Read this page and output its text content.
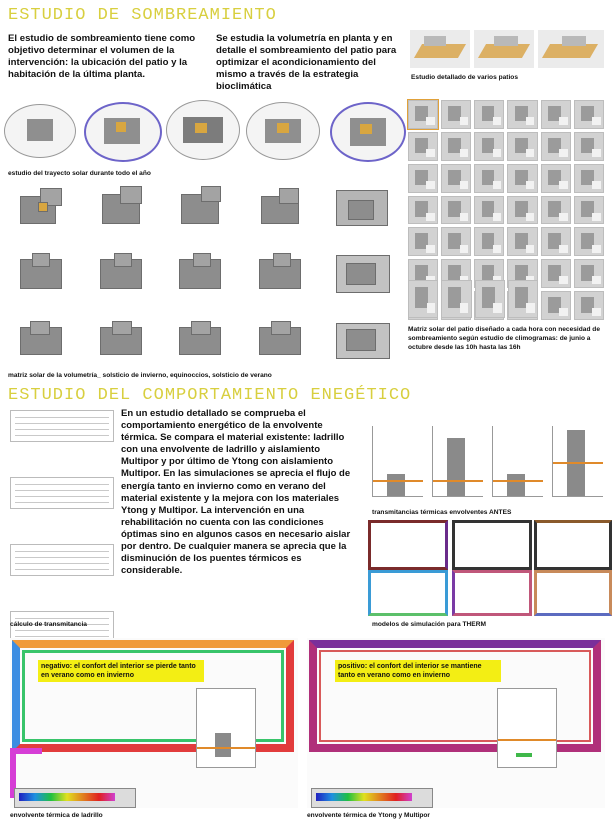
ESTUDIO DE SOMBREAMIENTO
El estudio de sombreamiento tiene como objetivo determinar el volumen de la intervención: la ubicación del patio y la habitación de la última planta.
Se estudia la volumetría en planta y en detalle el sombreamiento del patio para optimizar el acondicionamiento del mismo a través de la estrategia bioclimática
Estudio detallado de varios patios
estudio del trayecto solar durante todo el año
matriz solar de la volumetría_ solsticio de invierno, equinoccios, solsticio de verano
Matriz solar del patio diseñado a cada hora con necesidad de sombreamiento según estudio de climogramas: de junio a octubre desde las 10h hasta las 16h
ESTUDIO DEL COMPORTAMIENTO ENEGÉTICO
cálculo de transmitancia
En un estudio detallado se comprueba el comportamiento energético de la envolvente térmica. Se compara el material existente: ladrillo con una envolvente de ladrillo y aislamiento Multipor y por último de Ytong con aislamiento Multipor. En las simulaciones se aprecia el flujo de energía tanto en invierno como en verano del material existente y la mejora con los materiales Ytong y Multipor. La intervención en una rehabilitación no cuenta con las condiciones óptimas sino en algunos casos en necesario aislar por dentro. De cualquier manera se aprecia que la disminución de los puentes térmicos es considerable.
transmitancias térmicas envolventes ANTES
modelos de simulación para THERM
negativo: el confort del interior se pierde tanto en verano como en invierno
envolvente térmica de ladrillo
positivo: el confort del interior se mantiene tanto en verano como en invierno
envolvente térmica de Ytong y Multipor
